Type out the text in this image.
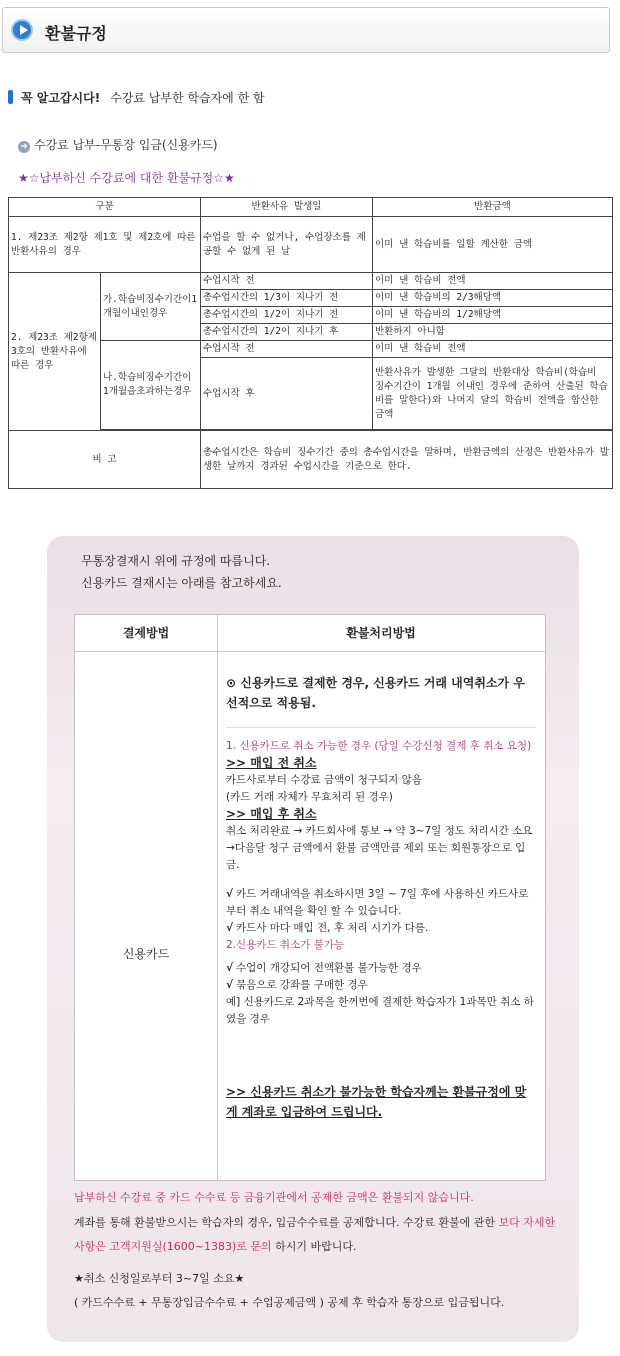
환불규정
꼭 알고갑시다! 수강료 납부한 학습자에 한 함
➜ 수강료 납부-무통장 입금(신용카드)
★☆납부하신 수강료에 대한 환불규정☆★
구분		반환사유 발생일	반환금액
1. 제23조 제2항 제1호 및 제2호에 따른 반환사유의 경우		수업을 할 수 없거나, 수업장소를 제공할 수 없게 된 날	이미 낸 학습비를 일할 계산한 금액
2. 제23조 제2항제3호의 반환사유에 따른 경우	가.학습비징수기간이1개월이내인경우	수업시작 전	이미 낸 학습비 전액
		총수업시간의 1/3이 지나기 전	이미 낸 학습비의 2/3해당액
		총수업시간의 1/2이 지나기 전	이미 낸 학습비의 1/2해당액
		총수업시간의 1/2이 지나기 후	반환하지 아니함
	나.학습비징수기간이 1개월을초과하는경우	수업시작 전	이미 낸 학습비 전액
		수업시작 후	반환사유가 발생한 그달의 반환대상 학습비(학습비 징수기간이 1개월 이내인 경우에 준하여 산출된 학습비를 말한다)와 나머지 달의 학습비 전액을 합산한 금액

비 고		총수업시간은 학습비 징수기간 중의 총수업시간을 말하며, 반환금액의 산정은 반환사유가 발생한 날까지 경과된 수업시간을 기준으로 한다.	
무통장결재시 위에 규정에 따릅니다.
신용카드 결재시는 아래를 참고하세요.
결제방법	환불처리방법
신용카드
⊙ 신용카드로 결제한 경우, 신용카드 거래 내역취소가 우선적으로 적용됨.
1. 신용카드로 취소 가능한 경우 (당일 수강신청 결제 후 취소 요청)
>> 매입 전 취소
카드사로부터 수강료 금액이 청구되지 않음
(카드 거래 자체가 무효처리 된 경우)
>> 매입 후 취소
취소 처리완료 → 카드회사에 통보 → 약 3~7일 정도 처리시간 소요
→다음달 청구 금액에서 환불 금액만큼 제외 또는 회원통장으로 입금.
√ 카드 거래내역을 취소하시면 3일 ~ 7일 후에 사용하신 카드사로 부터 취소 내역을 확인 할 수 있습니다.
√ 카드사 마다 매입 전, 후 처리 시기가 다름.
2.신용카드 취소가 불가능
√ 수업이 개강되어 전액환불 불가능한 경우
√ 묶음으로 강좌를 구매한 경우
예] 신용카드로 2과목을 한꺼번에 결제한 학습자가 1과목만 취소 하였을 경우
>> 신용카드 취소가 불가능한 학습자께는 환불규정에 맞게 계좌로 입금하여 드립니다.
납부하신 수강료 중 카드 수수료 등 금융기관에서 공제한 금액은 환불되지 않습니다.
계좌를 통해 환불받으시는 학습자의 경우, 입금수수료를 공제합니다. 수강료 환불에 관한 보다 자세한
사항은 고객지원실(1600~1383)로 문의 하시기 바랍니다.
★취소 신청일로부터 3~7일 소요★
( 카드수수료 + 무통장입금수수료 + 수업공제금액 ) 공제 후 학습자 통장으로 입금됩니다.
